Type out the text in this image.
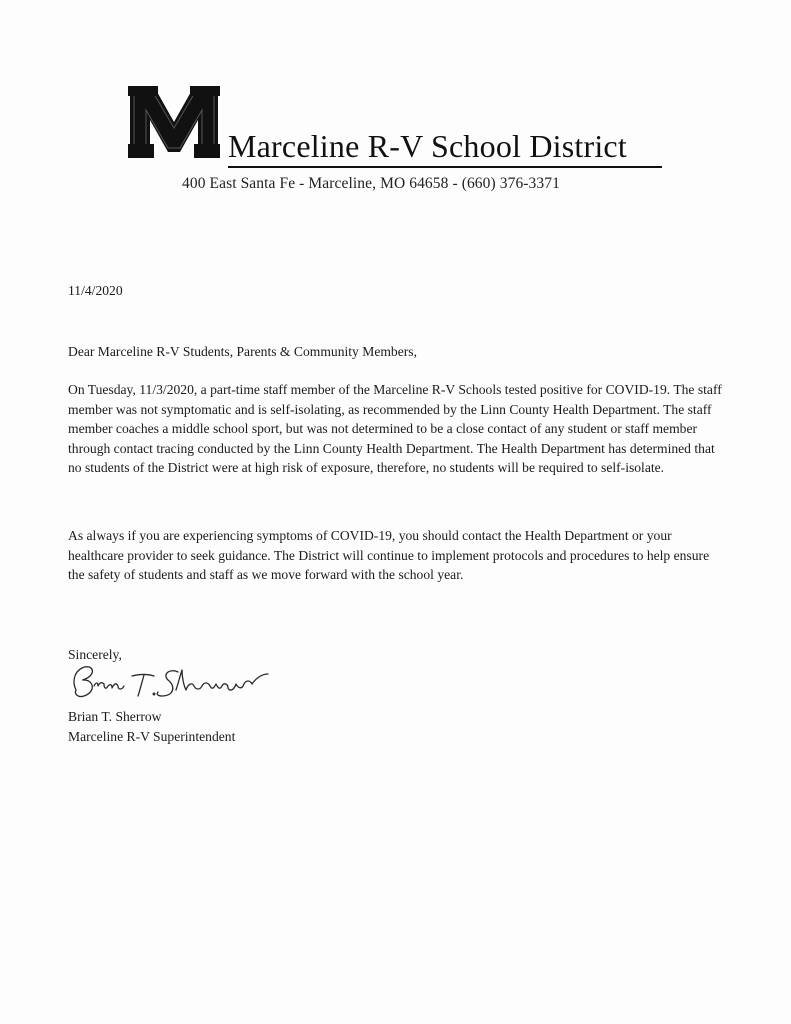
Marceline R-V School District
400 East Santa Fe - Marceline, MO 64658 - (660) 376-3371
11/4/2020
Dear Marceline R-V Students, Parents & Community Members,
On Tuesday, 11/3/2020, a part-time staff member of the Marceline R-V Schools tested positive for COVID-19. The staff member was not symptomatic and is self-isolating, as recommended by the Linn County Health Department. The staff member coaches a middle school sport, but was not determined to be a close contact of any student or staff member through contact tracing conducted by the Linn County Health Department. The Health Department has determined that no students of the District were at high risk of exposure, therefore, no students will be required to self-isolate.
As always if you are experiencing symptoms of COVID-19, you should contact the Health Department or your healthcare provider to seek guidance. The District will continue to implement protocols and procedures to help ensure the safety of students and staff as we move forward with the school year.
Sincerely,
Brian T. Sherrow
Marceline R-V Superintendent
